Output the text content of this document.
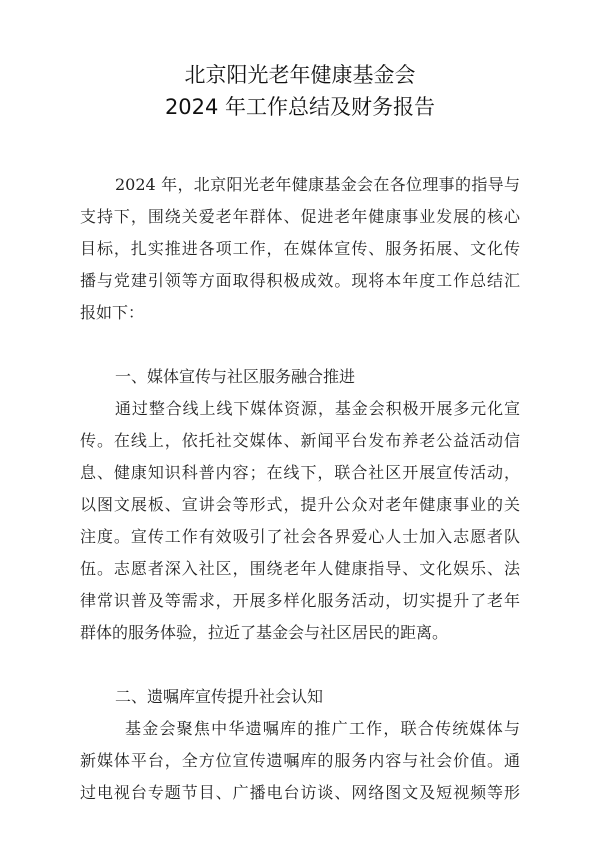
北京阳光老年健康基金会
2024 年工作总结及财务报告
2024 年，北京阳光老年健康基金会在各位理事的指导与
支持下，围绕关爱老年群体、促进老年健康事业发展的核心
目标，扎实推进各项工作，在媒体宣传、服务拓展、文化传
播与党建引领等方面取得积极成效。现将本年度工作总结汇
报如下：
一、媒体宣传与社区服务融合推进
通过整合线上线下媒体资源，基金会积极开展多元化宣
传。在线上，依托社交媒体、新闻平台发布养老公益活动信
息、健康知识科普内容；在线下，联合社区开展宣传活动，
以图文展板、宣讲会等形式，提升公众对老年健康事业的关
注度。宣传工作有效吸引了社会各界爱心人士加入志愿者队
伍。志愿者深入社区，围绕老年人健康指导、文化娱乐、法
律常识普及等需求，开展多样化服务活动，切实提升了老年
群体的服务体验，拉近了基金会与社区居民的距离。
二、遗嘱库宣传提升社会认知
基金会聚焦中华遗嘱库的推广工作，联合传统媒体与
新媒体平台，全方位宣传遗嘱库的服务内容与社会价值。通
过电视台专题节目、广播电台访谈、网络图文及短视频等形
